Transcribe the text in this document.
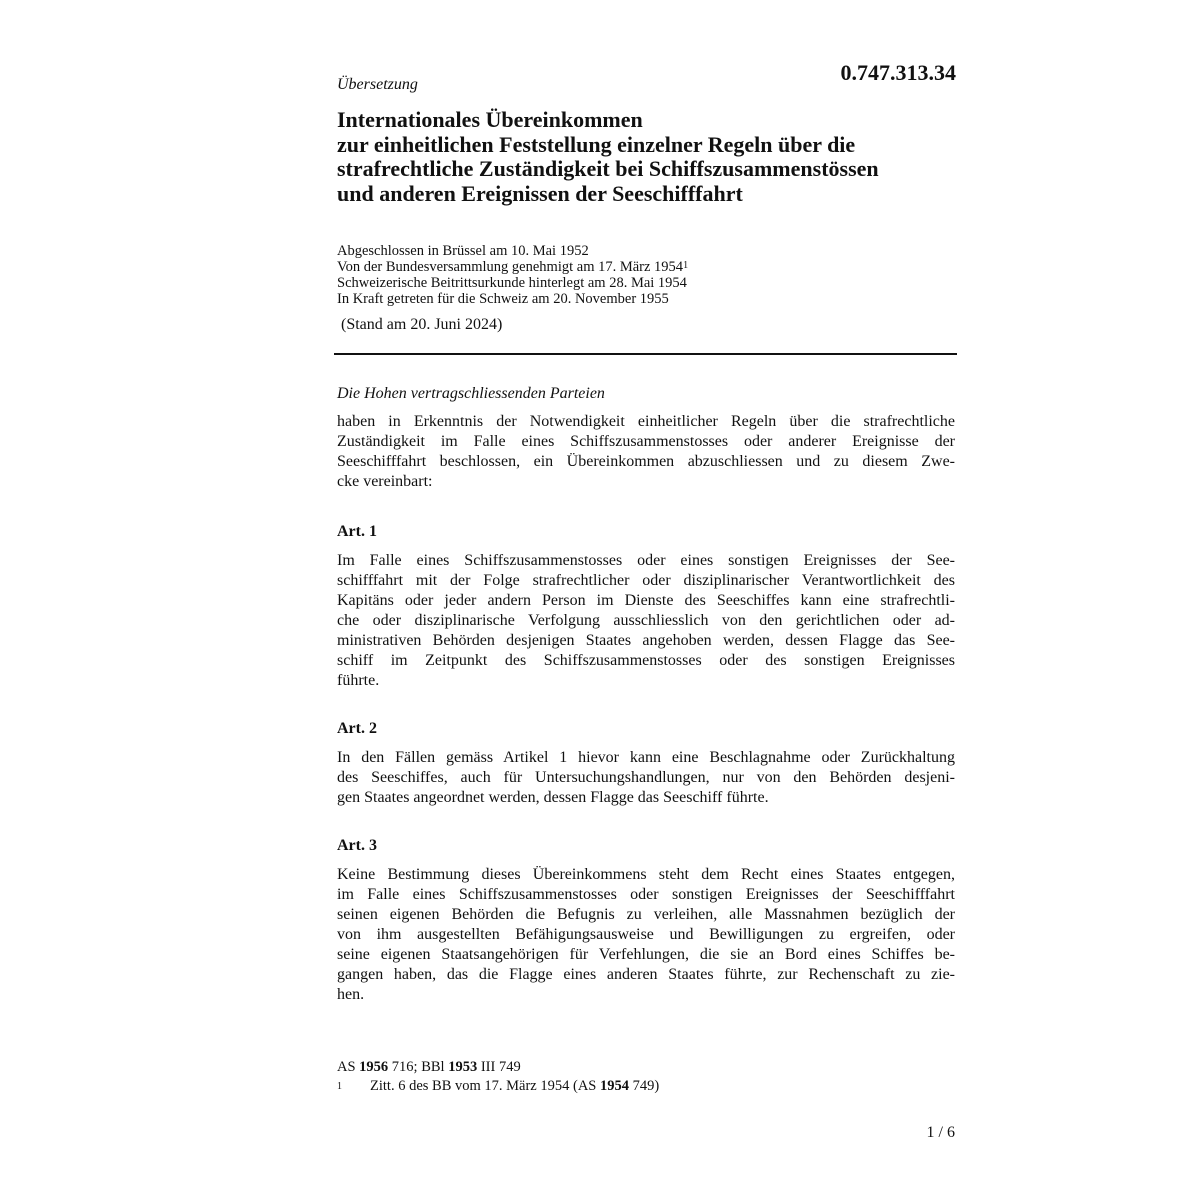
Übersetzung	0.747.313.34
Internationales Übereinkommen
zur einheitlichen Feststellung einzelner Regeln über die
strafrechtliche Zuständigkeit bei Schiffszusammenstössen
und anderen Ereignissen der Seeschifffahrt
Abgeschlossen in Brüssel am 10. Mai 1952
Von der Bundesversammlung genehmigt am 17. März 1954$^1$
Schweizerische Beitrittsurkunde hinterlegt am 28. Mai 1954
In Kraft getreten für die Schweiz am 20. November 1955
(Stand am 20. Juni 2024)
Die Hohen vertragschliessenden Parteien
haben in Erkenntnis der Notwendigkeit einheitlicher Regeln über die strafrechtliche
Zuständigkeit im Falle eines Schiffszusammenstosses oder anderer Ereignisse der
Seeschifffahrt beschlossen, ein Übereinkommen abzuschliessen und zu diesem Zwe-
cke vereinbart:
Art. 1
Im Falle eines Schiffszusammenstosses oder eines sonstigen Ereignisses der See-
schifffahrt mit der Folge strafrechtlicher oder disziplinarischer Verantwortlichkeit des
Kapitäns oder jeder andern Person im Dienste des Seeschiffes kann eine strafrechtli-
che oder disziplinarische Verfolgung ausschliesslich von den gerichtlichen oder ad-
ministrativen Behörden desjenigen Staates angehoben werden, dessen Flagge das See-
schiff im Zeitpunkt des Schiffszusammenstosses oder des sonstigen Ereignisses
führte.
Art. 2
In den Fällen gemäss Artikel 1 hievor kann eine Beschlagnahme oder Zurückhaltung
des Seeschiffes, auch für Untersuchungshandlungen, nur von den Behörden desjeni-
gen Staates angeordnet werden, dessen Flagge das Seeschiff führte.
Art. 3
Keine Bestimmung dieses Übereinkommens steht dem Recht eines Staates entgegen,
im Falle eines Schiffszusammenstosses oder sonstigen Ereignisses der Seeschifffahrt
seinen eigenen Behörden die Befugnis zu verleihen, alle Massnahmen bezüglich der
von ihm ausgestellten Befähigungsausweise und Bewilligungen zu ergreifen, oder
seine eigenen Staatsangehörigen für Verfehlungen, die sie an Bord eines Schiffes be-
gangen haben, das die Flagge eines anderen Staates führte, zur Rechenschaft zu zie-
hen.
AS 1956 716; BBl 1953 III 749
1 Zitt. 6 des BB vom 17. März 1954 (AS 1954 749)
1 / 6
